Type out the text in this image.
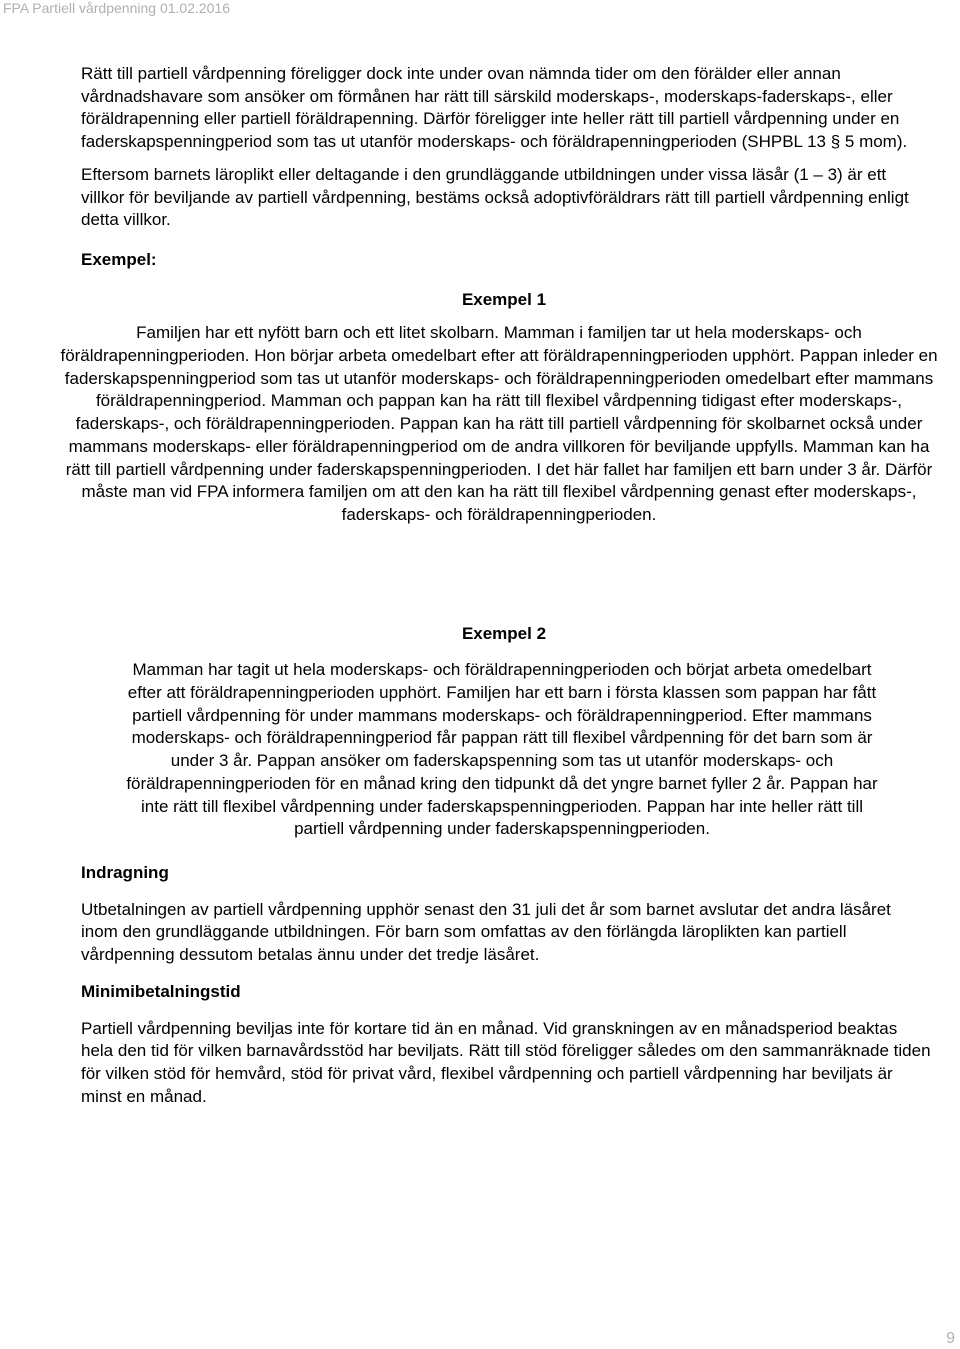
FPA Partiell vårdpenning 01.02.2016

Rätt till partiell vårdpenning föreligger dock inte under ovan nämnda tider om den förälder eller annan vårdnadshavare som ansöker om förmånen har rätt till särskild moderskaps-, moderskaps-faderskaps-, eller föräldrapenning eller partiell föräldrapenning. Därför föreligger inte heller rätt till partiell vårdpenning under en faderskapspenningperiod som tas ut utanför moderskaps- och föräldrapenningperioden (SHPBL 13 § 5 mom).

Eftersom barnets läroplikt eller deltagande i den grundläggande utbildningen under vissa läsår (1 – 3) är ett villkor för beviljande av partiell vårdpenning, bestäms också adoptivföräldrars rätt till partiell vårdpenning enligt detta villkor.

Exempel:

Exempel 1

Familjen har ett nyfött barn och ett litet skolbarn. Mamman i familjen tar ut hela moderskaps- och föräldrapenningperioden. Hon börjar arbeta omedelbart efter att föräldrapenningperioden upphört. Pappan inleder en faderskapspenningperiod som tas ut utanför moderskaps- och föräldrapenningperioden omedelbart efter mammans föräldrapenningperiod. Mamman och pappan kan ha rätt till flexibel vårdpenning tidigast efter moderskaps-, faderskaps-, och föräldrapenningperioden. Pappan kan ha rätt till partiell vårdpenning för skolbarnet också under mammans moderskaps- eller föräldrapenningperiod om de andra villkoren för beviljande uppfylls. Mamman kan ha rätt till partiell vårdpenning under faderskapspenningperioden. I det här fallet har familjen ett barn under 3 år. Därför måste man vid FPA informera familjen om att den kan ha rätt till flexibel vårdpenning genast efter moderskaps-, faderskaps- och föräldrapenningperioden.

Exempel 2

Mamman har tagit ut hela moderskaps- och föräldrapenningperioden och börjat arbeta omedelbart efter att föräldrapenningperioden upphört. Familjen har ett barn i första klassen som pappan har fått partiell vårdpenning för under mammans moderskaps- och föräldrapenningperiod. Efter mammans moderskaps- och föräldrapenningperiod får pappan rätt till flexibel vårdpenning för det barn som är under 3 år. Pappan ansöker om faderskapspenning som tas ut utanför moderskaps- och föräldrapenningperioden för en månad kring den tidpunkt då det yngre barnet fyller 2 år. Pappan har inte rätt till flexibel vårdpenning under faderskapspenningperioden. Pappan har inte heller rätt till partiell vårdpenning under faderskapspenningperioden.

Indragning

Utbetalningen av partiell vårdpenning upphör senast den 31 juli det år som barnet avslutar det andra läsåret inom den grundläggande utbildningen. För barn som omfattas av den förlängda läroplikten kan partiell vårdpenning dessutom betalas ännu under det tredje läsåret.

Minimibetalningstid

Partiell vårdpenning beviljas inte för kortare tid än en månad. Vid granskningen av en månadsperiod beaktas hela den tid för vilken barnavårdsstöd har beviljats. Rätt till stöd föreligger således om den sammanräknade tiden för vilken stöd för hemvård, stöd för privat vård, flexibel vårdpenning och partiell vårdpenning har beviljats är minst en månad.

9
